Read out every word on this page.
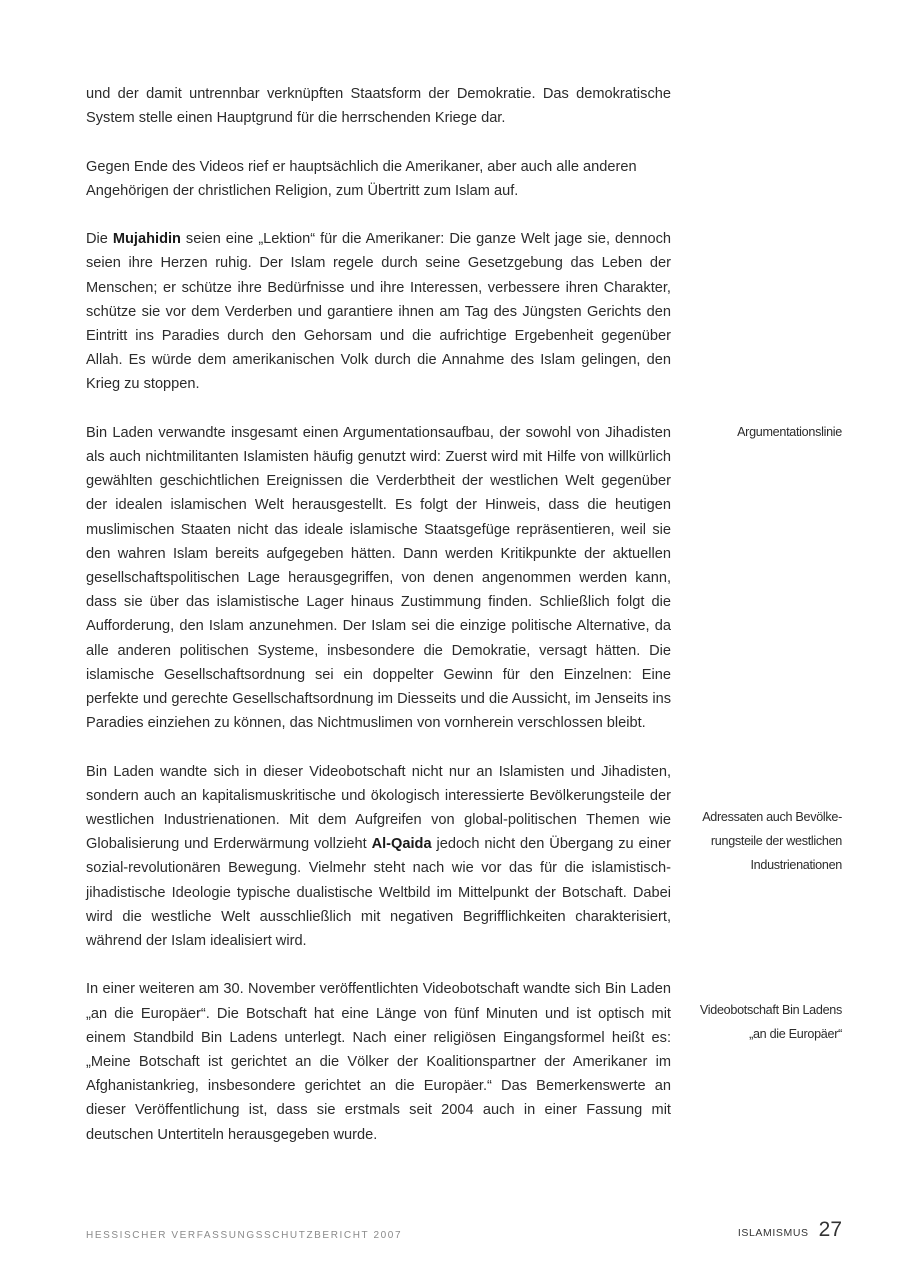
und der damit untrennbar verknüpften Staatsform der Demokratie. Das demokratische System stelle einen Hauptgrund für die herrschenden Kriege dar.

Gegen Ende des Videos rief er hauptsächlich die Amerikaner, aber auch alle anderen Angehörigen der christlichen Religion, zum Übertritt zum Islam auf.

Die Mujahidin seien eine „Lektion“ für die Amerikaner: Die ganze Welt jage sie, dennoch seien ihre Herzen ruhig. Der Islam regele durch seine Gesetzgebung das Leben der Menschen; er schütze ihre Bedürfnisse und ihre Interessen, verbessere ihren Charakter, schütze sie vor dem Verderben und garantiere ihnen am Tag des Jüngsten Gerichts den Eintritt ins Paradies durch den Gehorsam und die aufrichtige Ergebenheit gegenüber Allah. Es würde dem amerikanischen Volk durch die Annahme des Islam gelingen, den Krieg zu stoppen.

Bin Laden verwandte insgesamt einen Argumentationsaufbau, der sowohl von Jihadisten als auch nichtmilitanten Islamisten häufig genutzt wird: Zuerst wird mit Hilfe von willkürlich gewählten geschichtlichen Ereignissen die Verderbtheit der westlichen Welt gegenüber der idealen islamischen Welt herausgestellt. Es folgt der Hinweis, dass die heutigen muslimischen Staaten nicht das ideale islamische Staatsgefüge repräsentieren, weil sie den wahren Islam bereits aufgegeben hätten. Dann werden Kritikpunkte der aktuellen gesellschaftspolitischen Lage herausgegriffen, von denen angenommen werden kann, dass sie über das islamistische Lager hinaus Zustimmung finden. Schließlich folgt die Aufforderung, den Islam anzunehmen. Der Islam sei die einzige politische Alternative, da alle anderen politischen Systeme, insbesondere die Demokratie, versagt hätten. Die islamische Gesellschaftsordnung sei ein doppelter Gewinn für den Einzelnen: Eine perfekte und gerechte Gesellschaftsordnung im Diesseits und die Aussicht, im Jenseits ins Paradies einziehen zu können, das Nichtmuslimen von vornherein verschlossen bleibt.

Bin Laden wandte sich in dieser Videobotschaft nicht nur an Islamisten und Jihadisten, sondern auch an kapitalismuskritische und ökologisch interessierte Bevölkerungsteile der westlichen Industrienationen. Mit dem Aufgreifen von global-politischen Themen wie Globalisierung und Erderwärmung vollzieht Al-Qaida jedoch nicht den Übergang zu einer sozial-revolutionären Bewegung. Vielmehr steht nach wie vor das für die islamistisch-jihadistische Ideologie typische dualistische Weltbild im Mittelpunkt der Botschaft. Dabei wird die westliche Welt ausschließlich mit negativen Begrifflichkeiten charakterisiert, während der Islam idealisiert wird.

In einer weiteren am 30. November veröffentlichten Videobotschaft wandte sich Bin Laden „an die Europäer“. Die Botschaft hat eine Länge von fünf Minuten und ist optisch mit einem Standbild Bin Ladens unterlegt. Nach einer religiösen Eingangsformel heißt es: „Meine Botschaft ist gerichtet an die Völker der Koalitionspartner der Amerikaner im Afghanistankrieg, insbesondere gerichtet an die Europäer.“ Das Bemerkenswerte an dieser Veröffentlichung ist, dass sie erstmals seit 2004 auch in einer Fassung mit deutschen Untertiteln herausgegeben wurde.

Argumentationslinie
Adressaten auch Bevölke-
rungsteile der westlichen
Industrienationen
Videobotschaft Bin Ladens
„an die Europäer“
HESSISCHER VERFASSUNGSSCHUTZBERICHT 2007	ISLAMISMUS 27
